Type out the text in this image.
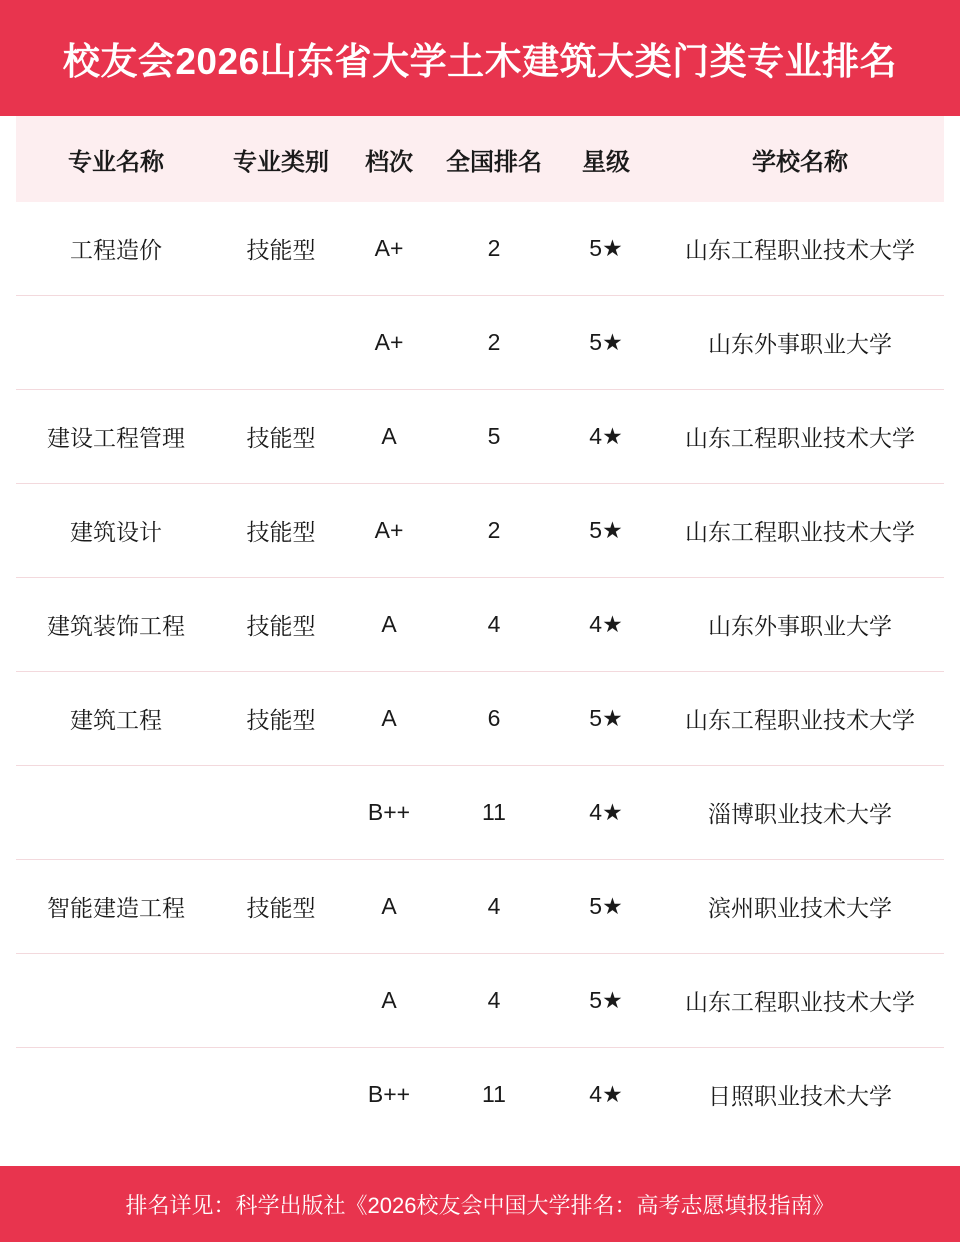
校友会2026山东省大学土木建筑大类门类专业排名
专业名称	专业类别	档次	全国排名	星级	学校名称
工程造价	技能型	A+	2	5★	山东工程职业技术大学
		A+	2	5★	山东外事职业大学
建设工程管理	技能型	A	5	4★	山东工程职业技术大学
建筑设计	技能型	A+	2	5★	山东工程职业技术大学
建筑装饰工程	技能型	A	4	4★	山东外事职业大学
建筑工程	技能型	A	6	5★	山东工程职业技术大学
		B++	11	4★	淄博职业技术大学
智能建造工程	技能型	A	4	5★	滨州职业技术大学
		A	4	5★	山东工程职业技术大学
		B++	11	4★	日照职业技术大学
排名详见：科学出版社《2026校友会中国大学排名：高考志愿填报指南》
